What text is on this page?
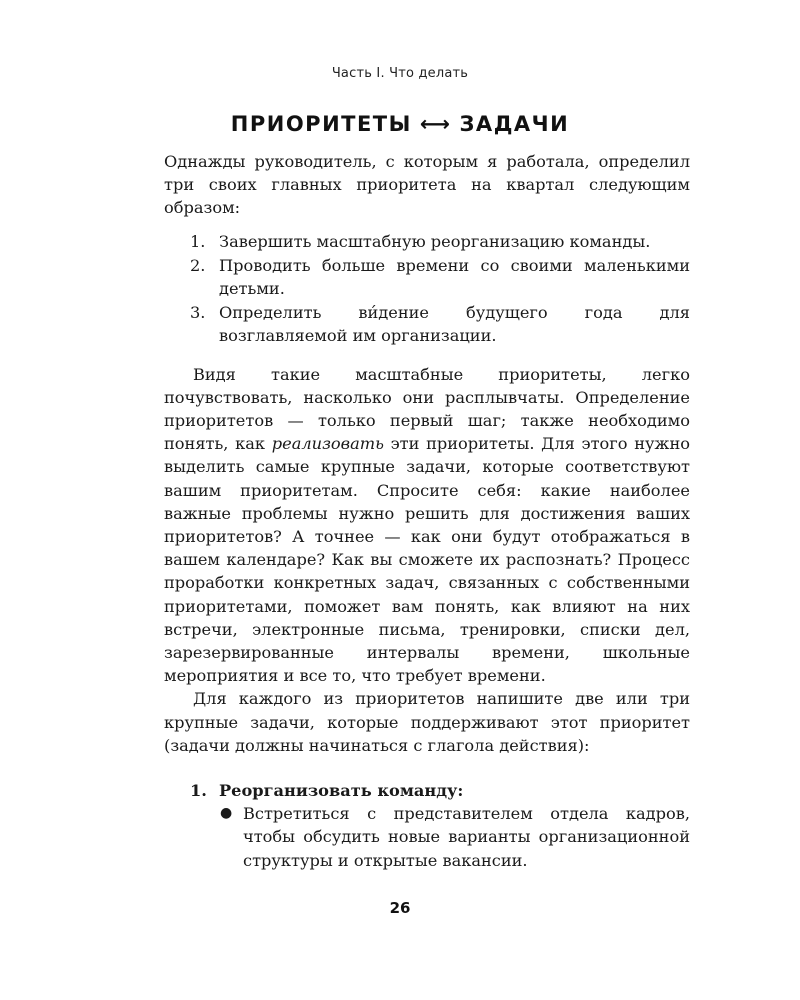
Часть I. Что делать
ПРИОРИТЕТЫ ⟷ ЗАДАЧИ

Однажды руководитель, с которым я работала, определил три своих главных приоритета на квартал следующим образом:

1. Завершить масштабную реорганизацию команды.
2. Проводить больше времени со своими маленькими детьми.
3. Определить ви́дение будущего года для возглавляемой им организации.

Видя такие масштабные приоритеты, легко почувствовать, насколько они расплывчаты. Определение приоритетов — только первый шаг; также необходимо понять, как реализовать эти приоритеты. Для этого нужно выделить самые крупные задачи, которые соответствуют вашим приоритетам. Спросите себя: какие наиболее важные проблемы нужно решить для достижения ваших приоритетов? А точнее — как они будут отображаться в вашем календаре? Как вы сможете их распознать? Процесс проработки конкретных задач, связанных с собственными приоритетами, поможет вам понять, как влияют на них встречи, электронные письма, тренировки, списки дел, зарезервированные интервалы времени, школьные мероприятия и все то, что требует времени.

Для каждого из приоритетов напишите две или три крупные задачи, которые поддерживают этот приоритет (задачи должны начинаться с глагола действия):

1. Реорганизовать команду:
● Встретиться с представителем отдела кадров, чтобы обсудить новые варианты организационной структуры и открытые вакансии.
26
